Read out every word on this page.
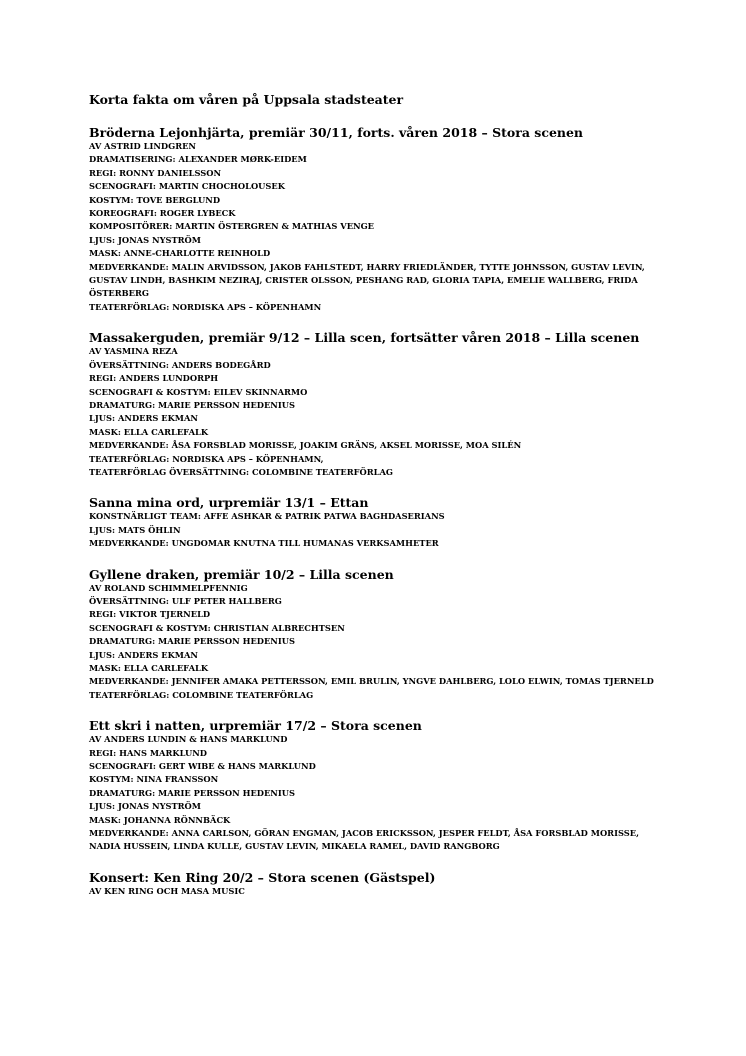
Korta fakta om våren på Uppsala stadsteater
Bröderna Lejonhjärta, premiär 30/11, forts. våren 2018 – Stora scenen
AV ASTRID LINDGREN
DRAMATISERING: ALEXANDER MØRK-EIDEM
REGI: RONNY DANIELSSON
SCENOGRAFI: MARTIN CHOCHOLOUSEK
KOSTYM: TOVE BERGLUND
KOREOGRAFI: ROGER LYBECK
KOMPOSITÖRER: MARTIN ÖSTERGREN & MATHIAS VENGE
LJUS: JONAS NYSTRÖM
MASK: ANNE-CHARLOTTE REINHOLD
MEDVERKANDE: MALIN ARVIDSSON, JAKOB FAHLSTEDT, HARRY FRIEDLÄNDER, TYTTE JOHNSSON, GUSTAV LEVIN, GUSTAV LINDH, BASHKIM NEZIRAJ, CRISTER OLSSON, PESHANG RAD, GLORIA TAPIA, EMELIE WALLBERG, FRIDA ÖSTERBERG
TEATERFÖRLAG: NORDISKA APS – KÖPENHAMN
Massakerguden, premiär 9/12 – Lilla scen, fortsätter våren 2018 – Lilla scenen
AV YASMINA REZA
ÖVERSÄTTNING: ANDERS BODEGÅRD
REGI: ANDERS LUNDORPH
SCENOGRAFI & KOSTYM: EILEV SKINNARMO
DRAMATURG: MARIE PERSSON HEDENIUS
LJUS: ANDERS EKMAN
MASK: ELLA CARLEFALK
MEDVERKANDE: ÅSA FORSBLAD MORISSE, JOAKIM GRÄNS, AKSEL MORISSE, MOA SILÉN
TEATERFÖRLAG: NORDISKA APS – KÖPENHAMN,
TEATERFÖRLAG ÖVERSÄTTNING: COLOMBINE TEATERFÖRLAG
Sanna mina ord, urpremiär 13/1 – Ettan
KONSTNÄRLIGT TEAM: AFFE ASHKAR & PATRIK PATWA BAGHDASERIANS
LJUS: MATS ÖHLIN
MEDVERKANDE: UNGDOMAR KNUTNA TILL HUMANAS VERKSAMHETER
Gyllene draken, premiär 10/2 – Lilla scenen
AV ROLAND SCHIMMELPFENNIG
ÖVERSÄTTNING: ULF PETER HALLBERG
REGI: VIKTOR TJERNELD
SCENOGRAFI & KOSTYM: CHRISTIAN ALBRECHTSEN
DRAMATURG: MARIE PERSSON HEDENIUS
LJUS: ANDERS EKMAN
MASK: ELLA CARLEFALK
MEDVERKANDE: JENNIFER AMAKA PETTERSSON, EMIL BRULIN, YNGVE DAHLBERG, LOLO ELWIN, TOMAS TJERNELD
TEATERFÖRLAG: COLOMBINE TEATERFÖRLAG
Ett skri i natten, urpremiär 17/2 – Stora scenen
AV ANDERS LUNDIN & HANS MARKLUND
REGI: HANS MARKLUND
SCENOGRAFI: GERT WIBE & HANS MARKLUND
KOSTYM: NINA FRANSSON
DRAMATURG: MARIE PERSSON HEDENIUS
LJUS: JONAS NYSTRÖM
MASK: JOHANNA RÖNNBÄCK
MEDVERKANDE: ANNA CARLSON, GÖRAN ENGMAN, JACOB ERICKSSON, JESPER FELDT, ÅSA FORSBLAD MORISSE, NADIA HUSSEIN, LINDA KULLE, GUSTAV LEVIN, MIKAELA RAMEL, DAVID RANGBORG
Konsert: Ken Ring 20/2 – Stora scenen (Gästspel)
AV KEN RING OCH MASA MUSIC
